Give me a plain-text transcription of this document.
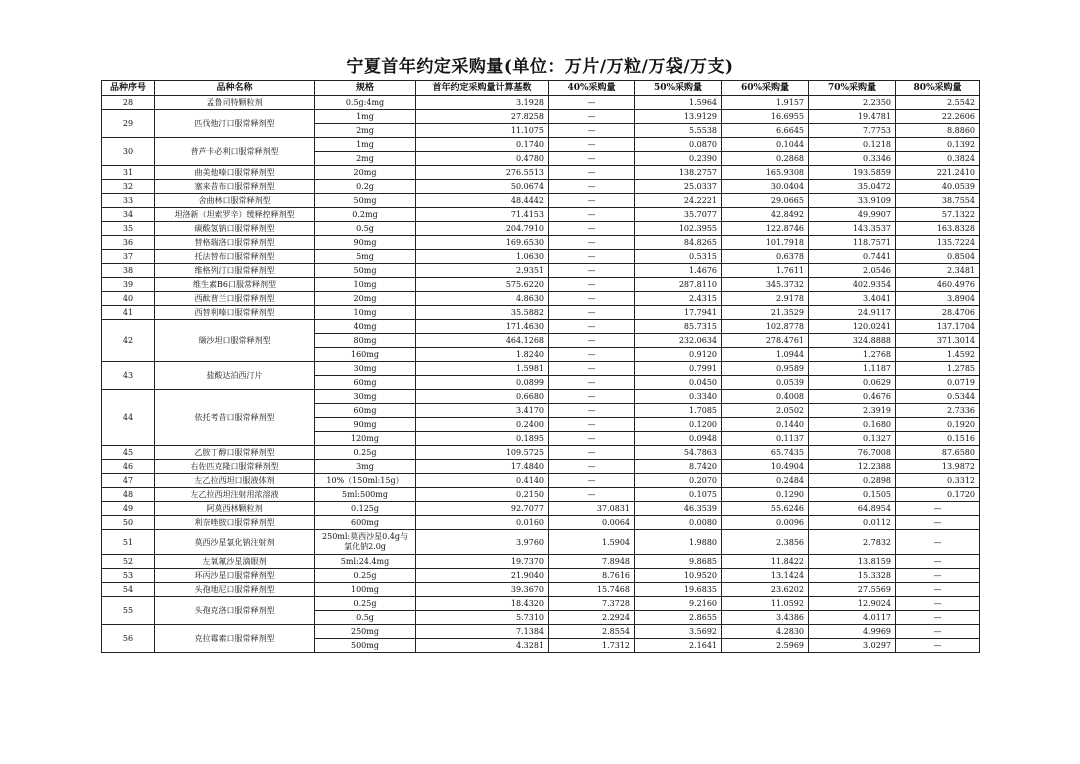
宁夏首年约定采购量(单位：万片/万粒/万袋/万支)
品种序号	品种名称	规格	首年约定采购量计算基数	40%采购量	50%采购量	60%采购量	70%采购量	80%采购量
28	孟鲁司特颗粒剂	0.5g:4mg	3.1928	—	1.5964	1.9157	2.2350	2.5542
29	匹伐他汀口服常释剂型	1mg	27.8258	—	13.9129	16.6955	19.4781	22.2606
		2mg	11.1075	—	5.5538	6.6645	7.7753	8.8860
30	普芦卡必利口服常释剂型	1mg	0.1740	—	0.0870	0.1044	0.1218	0.1392
		2mg	0.4780	—	0.2390	0.2868	0.3346	0.3824
31	曲美他嗪口服常释剂型	20mg	276.5513	—	138.2757	165.9308	193.5859	221.2410
32	塞来昔布口服常释剂型	0.2g	50.0674	—	25.0337	30.0404	35.0472	40.0539
33	舍曲林口服常释剂型	50mg	48.4442	—	24.2221	29.0665	33.9109	38.7554
34	坦洛新（坦索罗辛）缓释控释剂型	0.2mg	71.4153	—	35.7077	42.8492	49.9907	57.1322
35	碳酸氢钠口服常释剂型	0.5g	204.7910	—	102.3955	122.8746	143.3537	163.8328
36	替格瑞洛口服常释剂型	90mg	169.6530	—	84.8265	101.7918	118.7571	135.7224
37	托法替布口服常释剂型	5mg	1.0630	—	0.5315	0.6378	0.7441	0.8504
38	维格列汀口服常释剂型	50mg	2.9351	—	1.4676	1.7611	2.0546	2.3481
39	维生素B6口服常释剂型	10mg	575.6220	—	287.8110	345.3732	402.9354	460.4976
40	西酞普兰口服常释剂型	20mg	4.8630	—	2.4315	2.9178	3.4041	3.8904
41	西替利嗪口服常释剂型	10mg	35.5882	—	17.7941	21.3529	24.9117	28.4706
42	缬沙坦口服常释剂型	40mg	171.4630	—	85.7315	102.8778	120.0241	137.1704
		80mg	464.1268	—	232.0634	278.4761	324.8888	371.3014
		160mg	1.8240	—	0.9120	1.0944	1.2768	1.4592
43	盐酸达泊西汀片	30mg	1.5981	—	0.7991	0.9589	1.1187	1.2785
		60mg	0.0899	—	0.0450	0.0539	0.0629	0.0719
44	依托考昔口服常释剂型	30mg	0.6680	—	0.3340	0.4008	0.4676	0.5344
		60mg	3.4170	—	1.7085	2.0502	2.3919	2.7336
		90mg	0.2400	—	0.1200	0.1440	0.1680	0.1920
		120mg	0.1895	—	0.0948	0.1137	0.1327	0.1516
45	乙胺丁醇口服常释剂型	0.25g	109.5725	—	54.7863	65.7435	76.7008	87.6580
46	右佐匹克隆口服常释剂型	3mg	17.4840	—	8.7420	10.4904	12.2388	13.9872
47	左乙拉西坦口服液体剂	10%（150ml:15g）	0.4140	—	0.2070	0.2484	0.2898	0.3312
48	左乙拉西坦注射用浓溶液	5ml:500mg	0.2150	—	0.1075	0.1290	0.1505	0.1720
49	阿莫西林颗粒剂	0.125g	92.7077	37.0831	46.3539	55.6246	64.8954	—
50	利奈唑胺口服常释剂型	600mg	0.0160	0.0064	0.0080	0.0096	0.0112	—
51	莫西沙星氯化钠注射剂	250ml:莫西沙星0.4g与氯化钠2.0g	3.9760	1.5904	1.9880	2.3856	2.7832	—
52	左氧氟沙星滴眼剂	5ml:24.4mg	19.7370	7.8948	9.8685	11.8422	13.8159	—
53	环丙沙星口服常释剂型	0.25g	21.9040	8.7616	10.9520	13.1424	15.3328	—
54	头孢地尼口服常释剂型	100mg	39.3670	15.7468	19.6835	23.6202	27.5569	—
55	头孢克洛口服常释剂型	0.25g	18.4320	7.3728	9.2160	11.0592	12.9024	—
		0.5g	5.7310	2.2924	2.8655	3.4386	4.0117	—
56	克拉霉素口服常释剂型	250mg	7.1384	2.8554	3.5692	4.2830	4.9969	—
		500mg	4.3281	1.7312	2.1641	2.5969	3.0297	—
